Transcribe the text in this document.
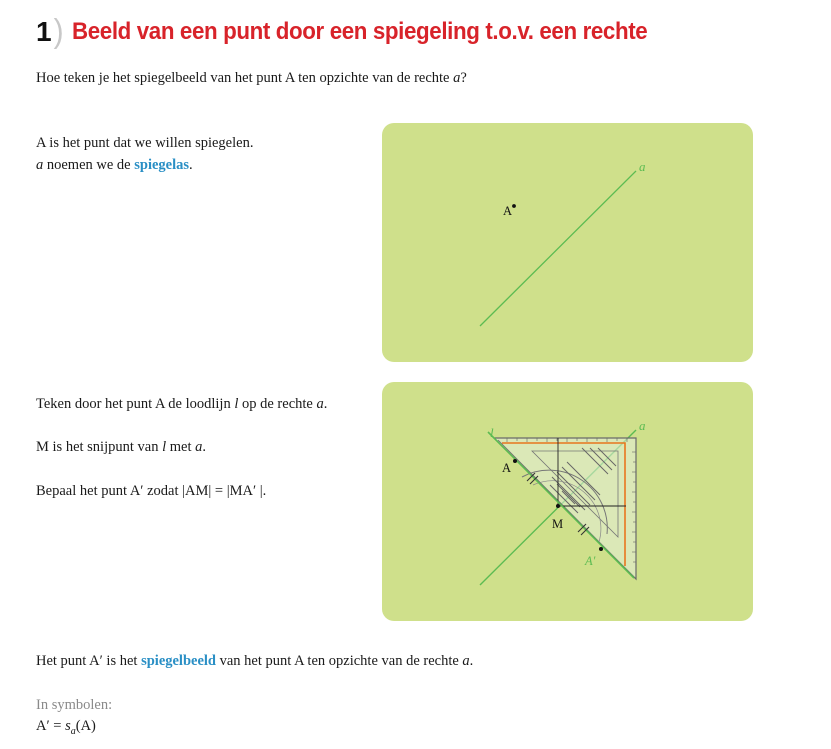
1 ) Beeld van een punt door een spiegeling t.o.v. een rechte
Hoe teken je het spiegelbeeld van het punt A ten opzichte van de rechte a?
A is het punt dat we willen spiegelen.
a noemen we de spiegelas.	a
A
Teken door het punt A de loodlijn l op de rechte a.
M is het snijpunt van l met a.
Bepaal het punt A′ zodat |AM| = |MA′ |.
a
l
A
M
A′
Het punt A′ is het spiegelbeeld van het punt A ten opzichte van de rechte a.
In symbolen:
$A' = s_a(A)$
